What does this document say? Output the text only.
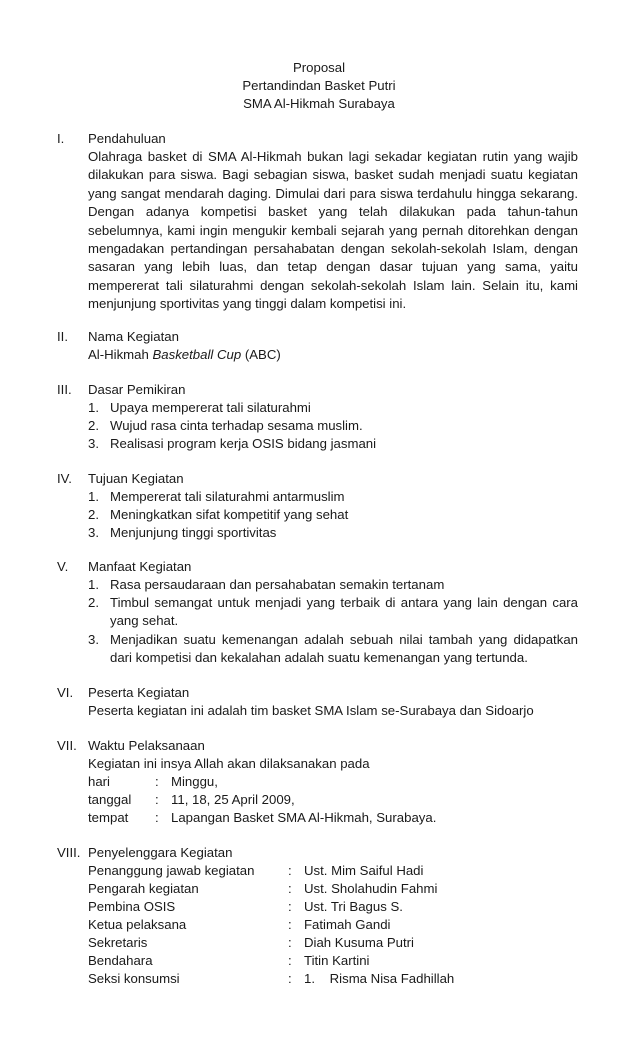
Proposal
Pertandindan Basket Putri
SMA Al-Hikmah Surabaya
I. Pendahuluan
Olahraga basket di SMA Al-Hikmah bukan lagi sekadar kegiatan rutin yang wajib dilakukan para siswa. Bagi sebagian siswa, basket sudah menjadi suatu kegiatan yang sangat mendarah daging. Dimulai dari para siswa terdahulu hingga sekarang. Dengan adanya kompetisi basket yang telah dilakukan pada tahun-tahun sebelumnya, kami ingin mengukir kembali sejarah yang pernah ditorehkan dengan mengadakan pertandingan persahabatan dengan sekolah-sekolah Islam, dengan sasaran yang lebih luas, dan tetap dengan dasar tujuan yang sama, yaitu mempererat tali silaturahmi dengan sekolah-sekolah Islam lain. Selain itu, kami menjunjung sportivitas yang tinggi dalam kompetisi ini.
II. Nama Kegiatan
Al-Hikmah Basketball Cup (ABC)
III. Dasar Pemikiran
1. Upaya mempererat tali silaturahmi
2. Wujud rasa cinta terhadap sesama muslim.
3. Realisasi program kerja OSIS bidang jasmani
IV. Tujuan Kegiatan
1. Mempererat tali silaturahmi antarmuslim
2. Meningkatkan sifat kompetitif yang sehat
3. Menjunjung tinggi sportivitas
V. Manfaat Kegiatan
1. Rasa persaudaraan dan persahabatan semakin tertanam
2. Timbul semangat untuk menjadi yang terbaik di antara yang lain dengan cara yang sehat.
3. Menjadikan suatu kemenangan adalah sebuah nilai tambah yang didapatkan dari kompetisi dan kekalahan adalah suatu kemenangan yang tertunda.
VI. Peserta Kegiatan
Peserta kegiatan ini adalah tim basket SMA Islam se-Surabaya dan Sidoarjo
VII. Waktu Pelaksanaan
Kegiatan ini insya Allah akan dilaksanakan pada
hari	: Minggu,
tanggal : 11, 18, 25 April 2009,
tempat : Lapangan Basket SMA Al-Hikmah, Surabaya.
VIII. Penyelenggara Kegiatan
Penanggung jawab kegiatan	: Ust. Mim Saiful Hadi
Pengarah kegiatan	: Ust. Sholahudin Fahmi
Pembina OSIS	: Ust. Tri Bagus S.
Ketua pelaksana	: Fatimah Gandi
Sekretaris	: Diah Kusuma Putri
Bendahara	: Titin Kartini
Seksi konsumsi	: 1.    Risma Nisa Fadhillah
